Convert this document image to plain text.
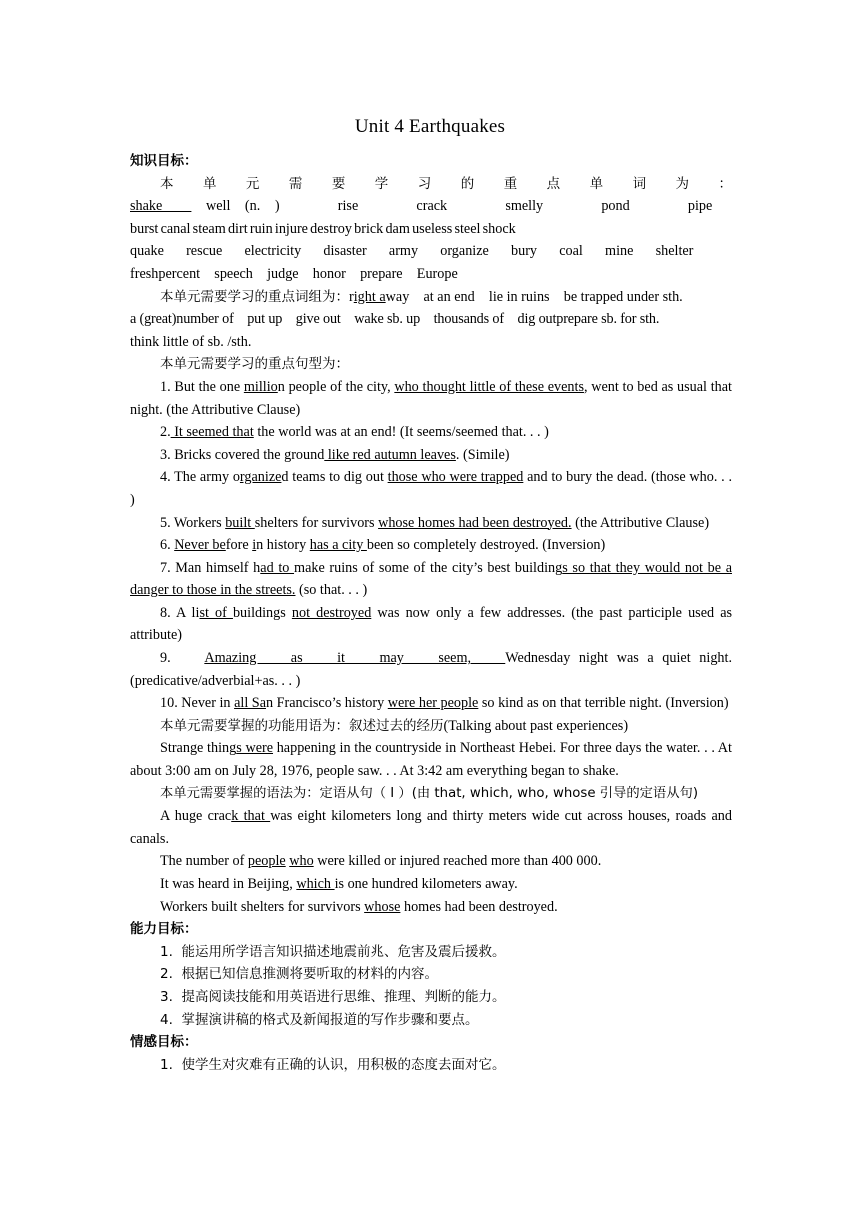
Unit 4 Earthquakes

知识目标：

本单元需要学习的重点单词为：shake   well (n. )    rise    crack    smelly    pond    pipe

burst    canal    steam    dirt    ruin    injure    destroy    brick    dam    useless    steel    shock

quake    rescue    electricity    disaster    army    organize    bury    coal    mine    shelter

freshpercent    speech    judge    honor    prepare    Europe

本单元需要学习的重点词组为：right away    at an end    lie in ruins    be trapped under sth.

a (great)number of    put up    give out    wake sb. up    thousands of    dig outprepare sb. for sth.

think little of sb. /sth.

本单元需要学习的重点句型为：

1. But the one million people of the city, who thought little of these events, went to bed as usual that night. (the Attributive Clause)

2. It seemed that the world was at an end! (It seems/seemed that. . . )

3. Bricks covered the ground like red autumn leaves. (Simile)

4. The army organized teams to dig out those who were trapped and to bury the dead. (those who. . . )

5. Workers built shelters for survivors whose homes had been destroyed. (the Attributive Clause)

6. Never before in history has a city been so completely destroyed. (Inversion)

7. Man himself had to make ruins of some of the city’s best buildings so that they would not be a danger to those in the streets. (so that. . . )

8. A list of buildings not destroyed was now only a few addresses. (the past participle used as attribute)

9.    Amazing    as    it    may    seem,    Wednesday night was a quiet night. (predicative/adverbial+as. . . )

10. Never in all San Francisco’s history were her people so kind as on that terrible night. (Inversion)

本单元需要掌握的功能用语为：叙述过去的经历(Talking about past experiences)

Strange things were happening in the countryside in Northeast Hebei. For three days the water. . . At about 3:00 am on July 28, 1976, people saw. . . At 3:42 am everything began to shake.

本单元需要掌握的语法为：定语从句（ I ）(由 that, which, who, whose 引导的定语从句)

A huge crack that was eight kilometers long and thirty meters wide cut across houses, roads and canals.

The number of people who were killed or injured reached more than 400 000.

It was heard in Beijing, which is one hundred kilometers away.

Workers built shelters for survivors whose homes had been destroyed.

能力目标：

1.  能运用所学语言知识描述地震前兆、危害及震后援救。

2.  根据已知信息推测将要听取的材料的内容。

3.  提高阅读技能和用英语进行思维、推理、判断的能力。

4.  掌握演讲稿的格式及新闻报道的写作步骤和要点。

情感目标：

1.  使学生对灾难有正确的认识，用积极的态度去面对它。
